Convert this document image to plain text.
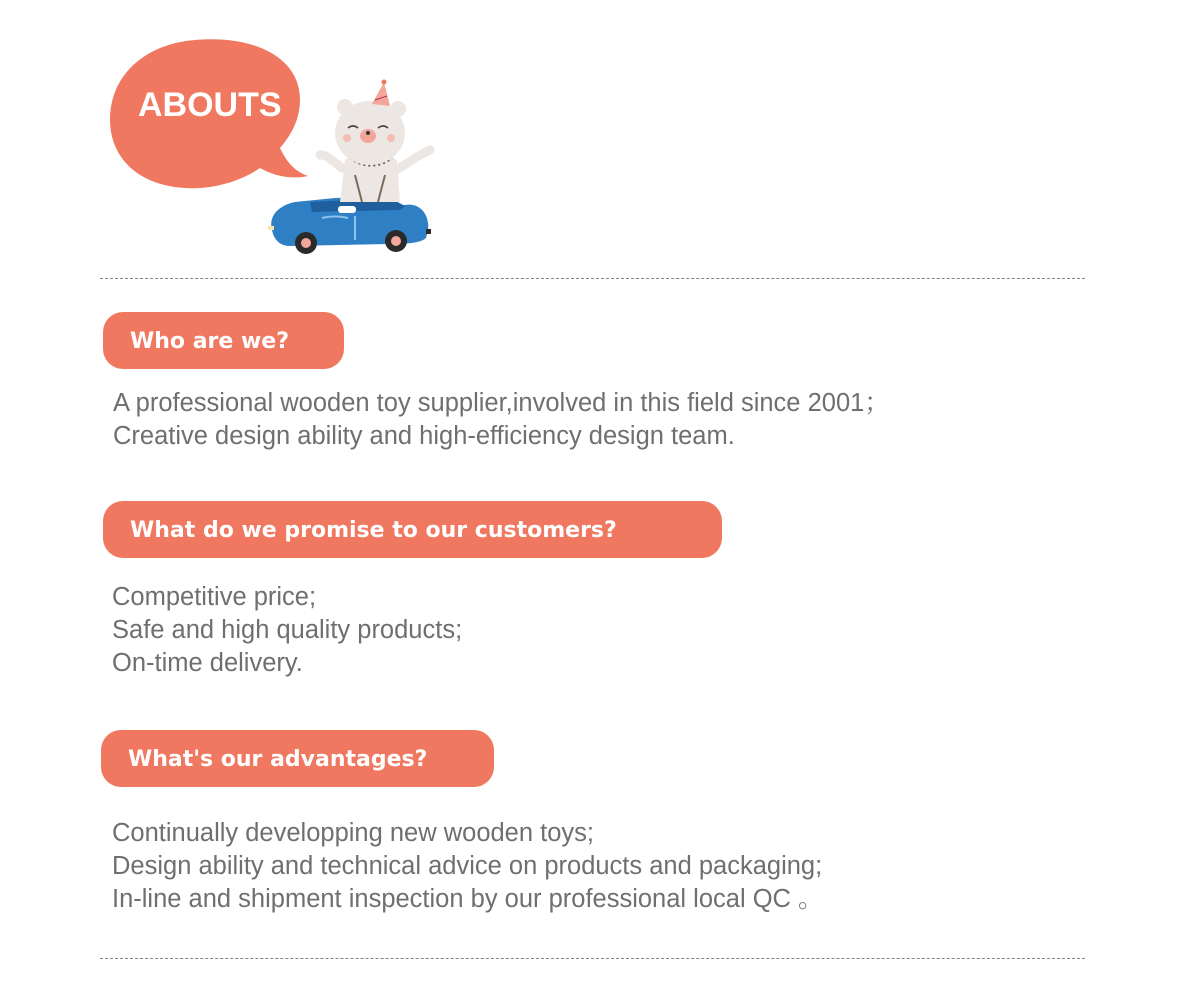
ABOUTS
Who are we?
A professional wooden toy supplier,involved in this field since 2001；
Creative design ability and high-efficiency design team.
What do we promise to our customers?
Competitive price;
Safe and high quality products;
On-time delivery.
What's our advantages?
Continually developping new wooden toys;
Design ability and technical advice on products and packaging;
In-line and shipment inspection by our professional local QC 。
